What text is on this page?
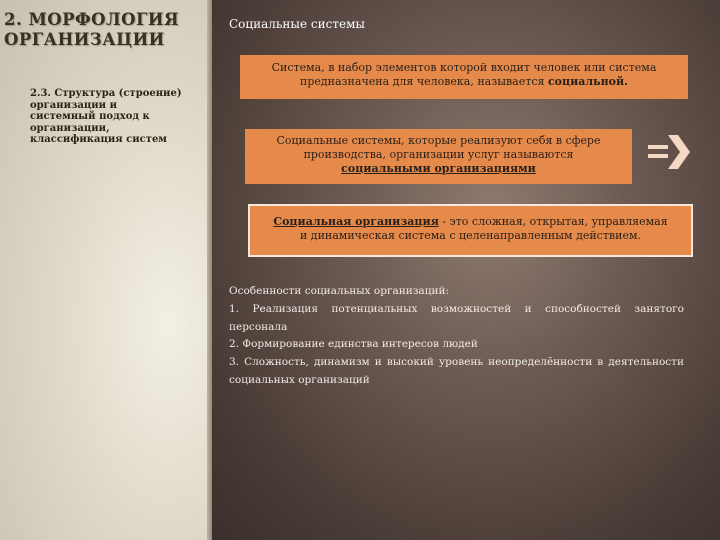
2. МОРФОЛОГИЯ ОРГАНИЗАЦИИ

2.3. Структура (строение) организации и системный подход к организации, классификация систем

Социальные системы
Система, в набор элементов которой входит человек или система предназначена для человека, называется социальной.
Социальные системы, которые реализуют себя в сфере производства, организации услуг называются социальными организациями
Социальная организация - это сложная, открытая, управляемая и динамическая система с целенаправленным действием.

Особенности социальных организаций:

1. Реализация потенциальных возможностей и способностей занятого персонала

2. Формирование единства интересов людей

3. Сложность, динамизм и высокий уровень неопределённости в деятельности социальных организаций
